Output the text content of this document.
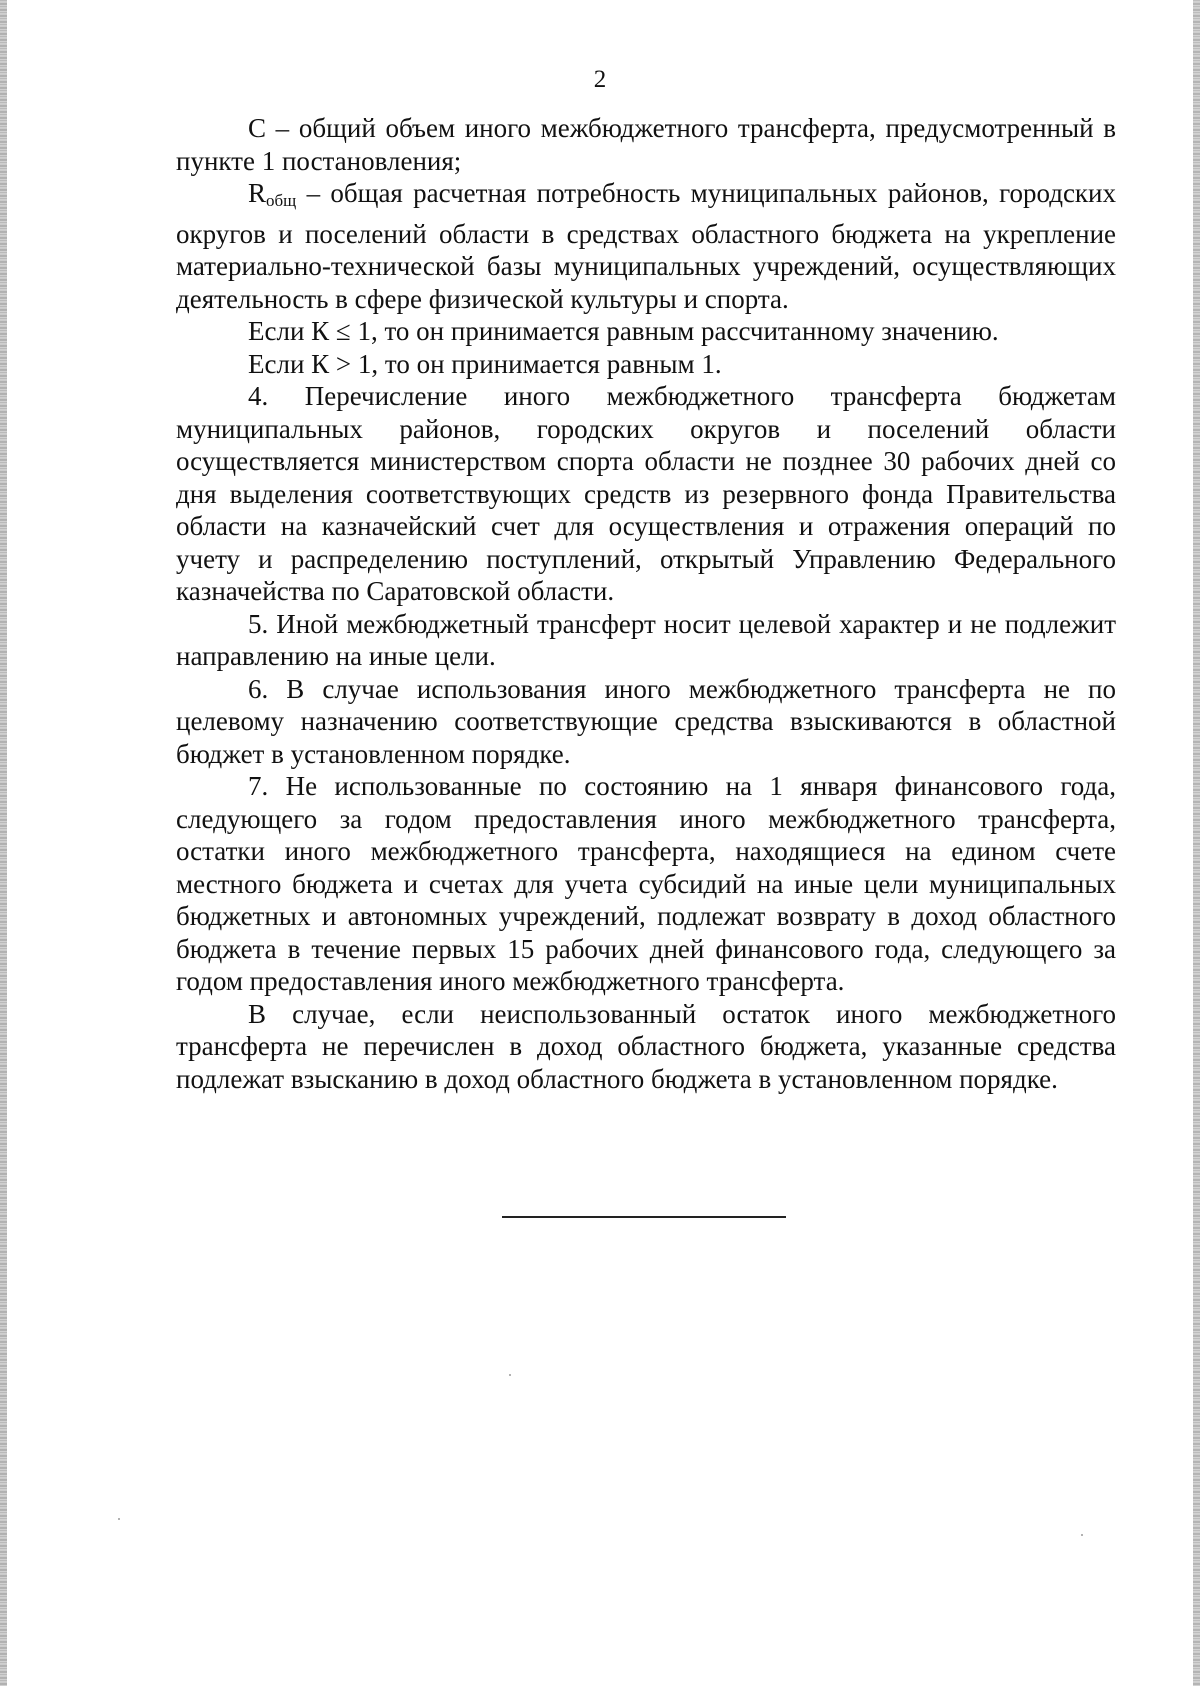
2

С – общий объем иного межбюджетного трансферта, предусмотренный в пункте 1 постановления;

$R_{общ}$ – общая расчетная потребность муниципальных районов, городских округов и поселений области в средствах областного бюджета на укрепление материально-технической базы муниципальных учреждений, осуществляющих деятельность в сфере физической культуры и спорта.

Если К ≤ 1, то он принимается равным рассчитанному значению.

Если К > 1, то он принимается равным 1.

4. Перечисление иного межбюджетного трансферта бюджетам муниципальных районов, городских округов и поселений области осуществляется министерством спорта области не позднее 30 рабочих дней со дня выделения соответствующих средств из резервного фонда Правительства области на казначейский счет для осуществления и отражения операций по учету и распределению поступлений, открытый Управлению Федерального казначейства по Саратовской области.

5. Иной межбюджетный трансферт носит целевой характер и не подлежит направлению на иные цели.

6. В случае использования иного межбюджетного трансферта не по целевому назначению соответствующие средства взыскиваются в областной бюджет в установленном порядке.

7. Не использованные по состоянию на 1 января финансового года, следующего за годом предоставления иного межбюджетного трансферта, остатки иного межбюджетного трансферта, находящиеся на едином счете местного бюджета и счетах для учета субсидий на иные цели муниципальных бюджетных и автономных учреждений, подлежат возврату в доход областного бюджета в течение первых 15 рабочих дней финансового года, следующего за годом предоставления иного межбюджетного трансферта.

В случае, если неиспользованный остаток иного межбюджетного трансферта не перечислен в доход областного бюджета, указанные средства подлежат взысканию в доход областного бюджета в установленном порядке.
